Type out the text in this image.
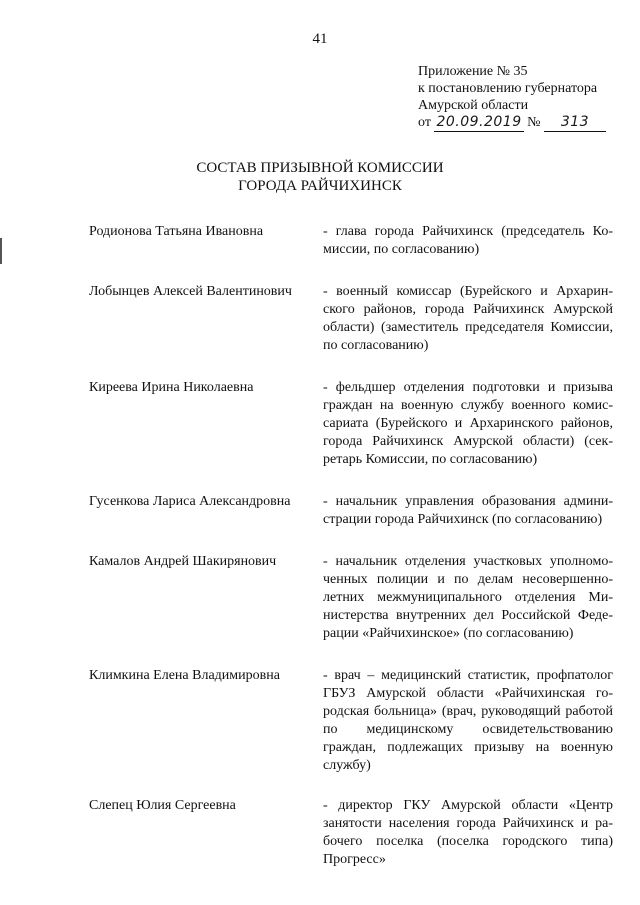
41
Приложение № 35
к постановлению губернатора
Амурской области
от 20.09.2019 № 313
СОСТАВ ПРИЗЫВНОЙ КОМИССИИ
ГОРОДА РАЙЧИХИНСК
Родионова Татьяна Ивановна	- глава города Райчихинск (председатель Комиссии, по согласованию)
Лобынцев Алексей Валентинович	- военный комиссар (Бурейского и Архаринского районов, города Райчихинск Амурской области) (заместитель председателя Комиссии, по согласованию)
Киреева Ирина Николаевна	- фельдшер отделения подготовки и призыва граждан на военную службу военного комиссариата (Бурейского и Архаринского районов, города Райчихинск Амурской области) (секретарь Комиссии, по согласованию)
Гусенкова Лариса Александровна	- начальник управления образования администрации города Райчихинск (по согласованию)
Камалов Андрей Шакирянович	- начальник отделения участковых уполномоченных полиции и по делам несовершеннолетних межмуниципального отделения Министерства внутренних дел Российской Федерации «Райчихинское» (по согласованию)
Климкина Елена Владимировна	- врач – медицинский статистик, профпатолог ГБУЗ Амурской области «Райчихинская городская больница» (врач, руководящий работой по медицинскому освидетельствованию граждан, подлежащих призыву на военную службу)
Слепец Юлия Сергеевна	- директор ГКУ Амурской области «Центр занятости населения города Райчихинск и рабочего поселка (поселка городского типа) Прогресс»
